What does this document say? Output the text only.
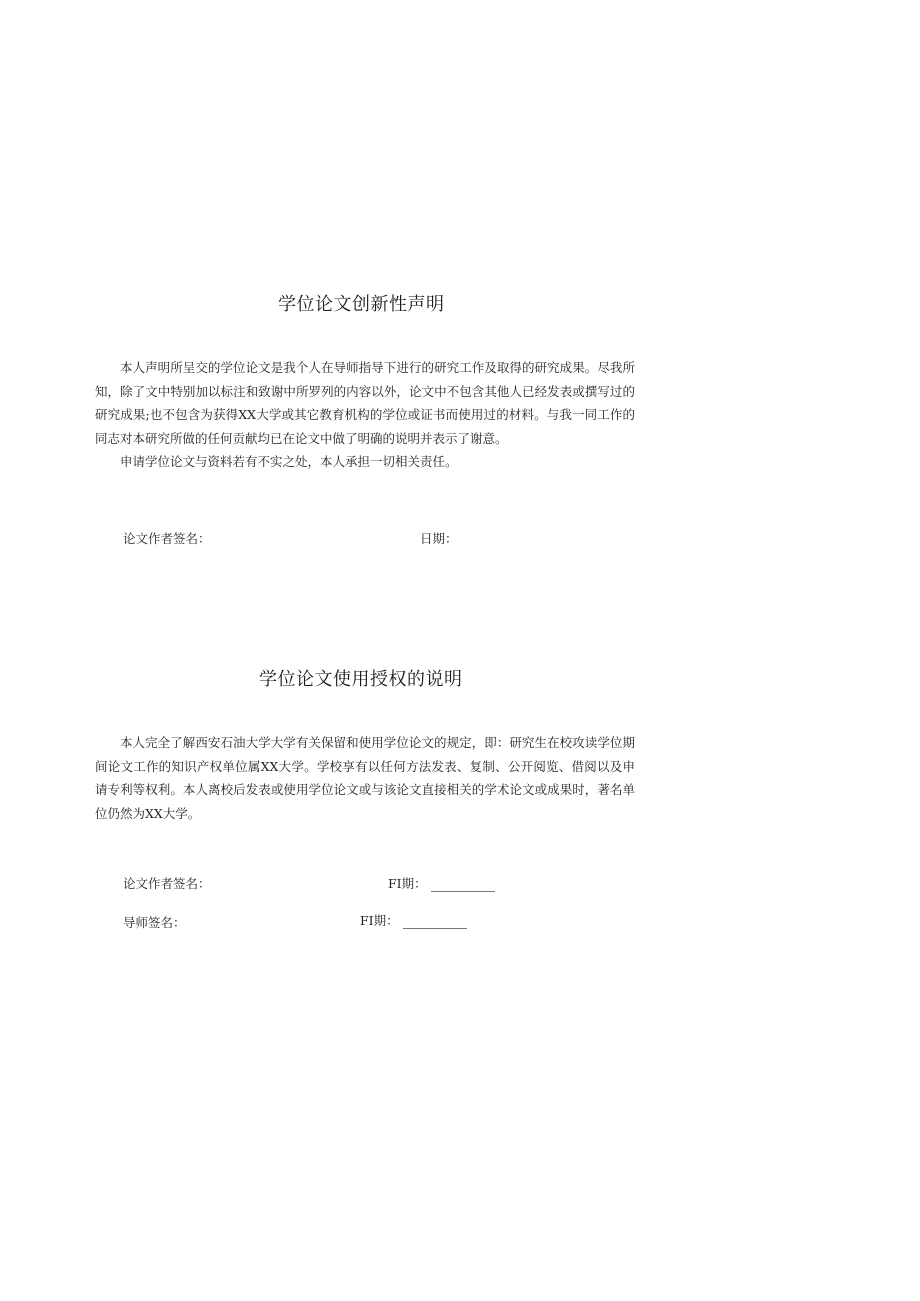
学位论文创新性声明

本人声明所呈交的学位论文是我个人在导师指导下进行的研究工作及取得的研究成果。尽我所知，除了文中特别加以标注和致谢中所罗列的内容以外，论文中不包含其他人已经发表或撰写过的研究成果;也不包含为获得XX大学或其它教育机构的学位或证书而使用过的材料。与我一同工作的同志对本研究所做的任何贡献均已在论文中做了明确的说明并表示了谢意。

申请学位论文与资料若有不实之处，本人承担一切相关责任。

论文作者签名：	日期：
学位论文使用授权的说明

本人完全了解西安石油大学大学有关保留和使用学位论文的规定，即：研究生在校攻读学位期间论文工作的知识产权单位属XX大学。学校享有以任何方法发表、复制、公开阅览、借阅以及申请专利等权利。本人离校后发表或使用学位论文或与该论文直接相关的学术论文或成果时，著名单位仍然为XX大学。

论文作者签名：	FI期：
导师签名：	FI期：
